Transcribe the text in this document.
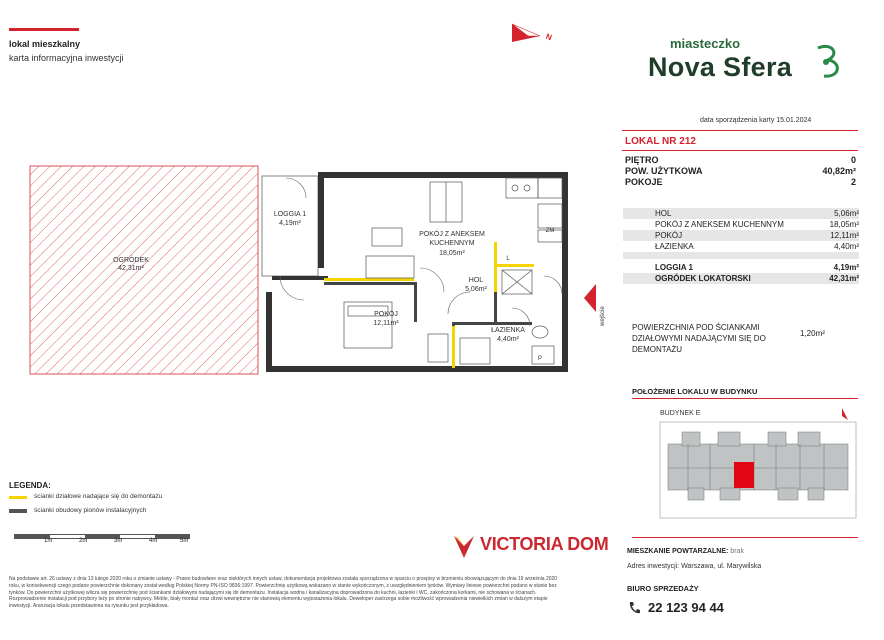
lokal mieszkalny
karta informacyjna inwestycji
N	miasteczko
Nova Sfera
data sporządzenia karty 15.01.2024
LOKAL NR 212
PIĘTRO	0
POW. UŻYTKOWA	40,82m²
POKOJE	2
HOL	5,06m²
POKÓJ Z ANEKSEM KUCHENNYM	18,05m²
POKÓJ	12,11m²
ŁAZIENKA	4,40m²
LOGGIA 1	4,19m²
OGRÓDEK LOKATORSKI	42,31m²
POWIERZCHNIA POD ŚCIANKAMI DZIAŁOWYMI NADAJĄCYMI SIĘ DO DEMONTAŻU
1,20m²
POŁOŻENIE LOKALU W BUDYNKU
BUDYNEK E
wejście
OGRÓDEK
42,31m²
LOGGIA 1
4,19m²
POKÓJ Z ANEKSEM
KUCHENNYM
18,05m²
HOL
5,06m²
POKÓJ
12,11m²
ŁAZIENKA
4,40m²
ZM
L
P
LEGENDA:
ścianki działowe nadające się do demontażu
ścianki obudowy pionów instalacyjnych
1m	2m	3m	4m	5m	VICTORIA DOM
Na podstawie art. 26 ustawy z dnia 13 lutego 2020 roku o zmianie ustawy - Prawo budowlane oraz niektórych innych ustaw, dokumentacja projektowa została sporządzona w oparciu o przepisy w brzmieniu obowiązującym do dnia 19 września 2020 roku, w konsekwencji czego podane powierzchnie dokonany został według Polskiej Normy PN-ISO 9836:1997. Powierzchnię użytkową wskazano w stanie wykończonym, z uwzględnieniem tynków. Wymiary liniowe powierzchni podano w stanie bez tynków. Do powierzchni użytkowej wlicza się powierzchnię pod ściankami działowymi nadającymi się do demontażu. Instalacja wodna i kanalizacyjna doprowadzona do kuchni, łazienki i WC, zakończona korkami, nie schowana w ścianach. Rozprowadzenie instalacji pod przybory leży po stronie nabywcy. Meble, biały montaż oraz drzwi wewnętrzne nie stanowią elementu wyposażenia lokalu. Deweloper zastrzega sobie możliwość wprowadzenia niewielkich zmian w dalszym etapie inwestycji. Aranżacja lokalu przedstawiona na rysunku jest przykładowa.
MIESZKANIE POWTARZALNE: brak
Adres inwestycji: Warszawa, ul. Marywilska
BIURO SPRZEDAŻY
22 123 94 44
